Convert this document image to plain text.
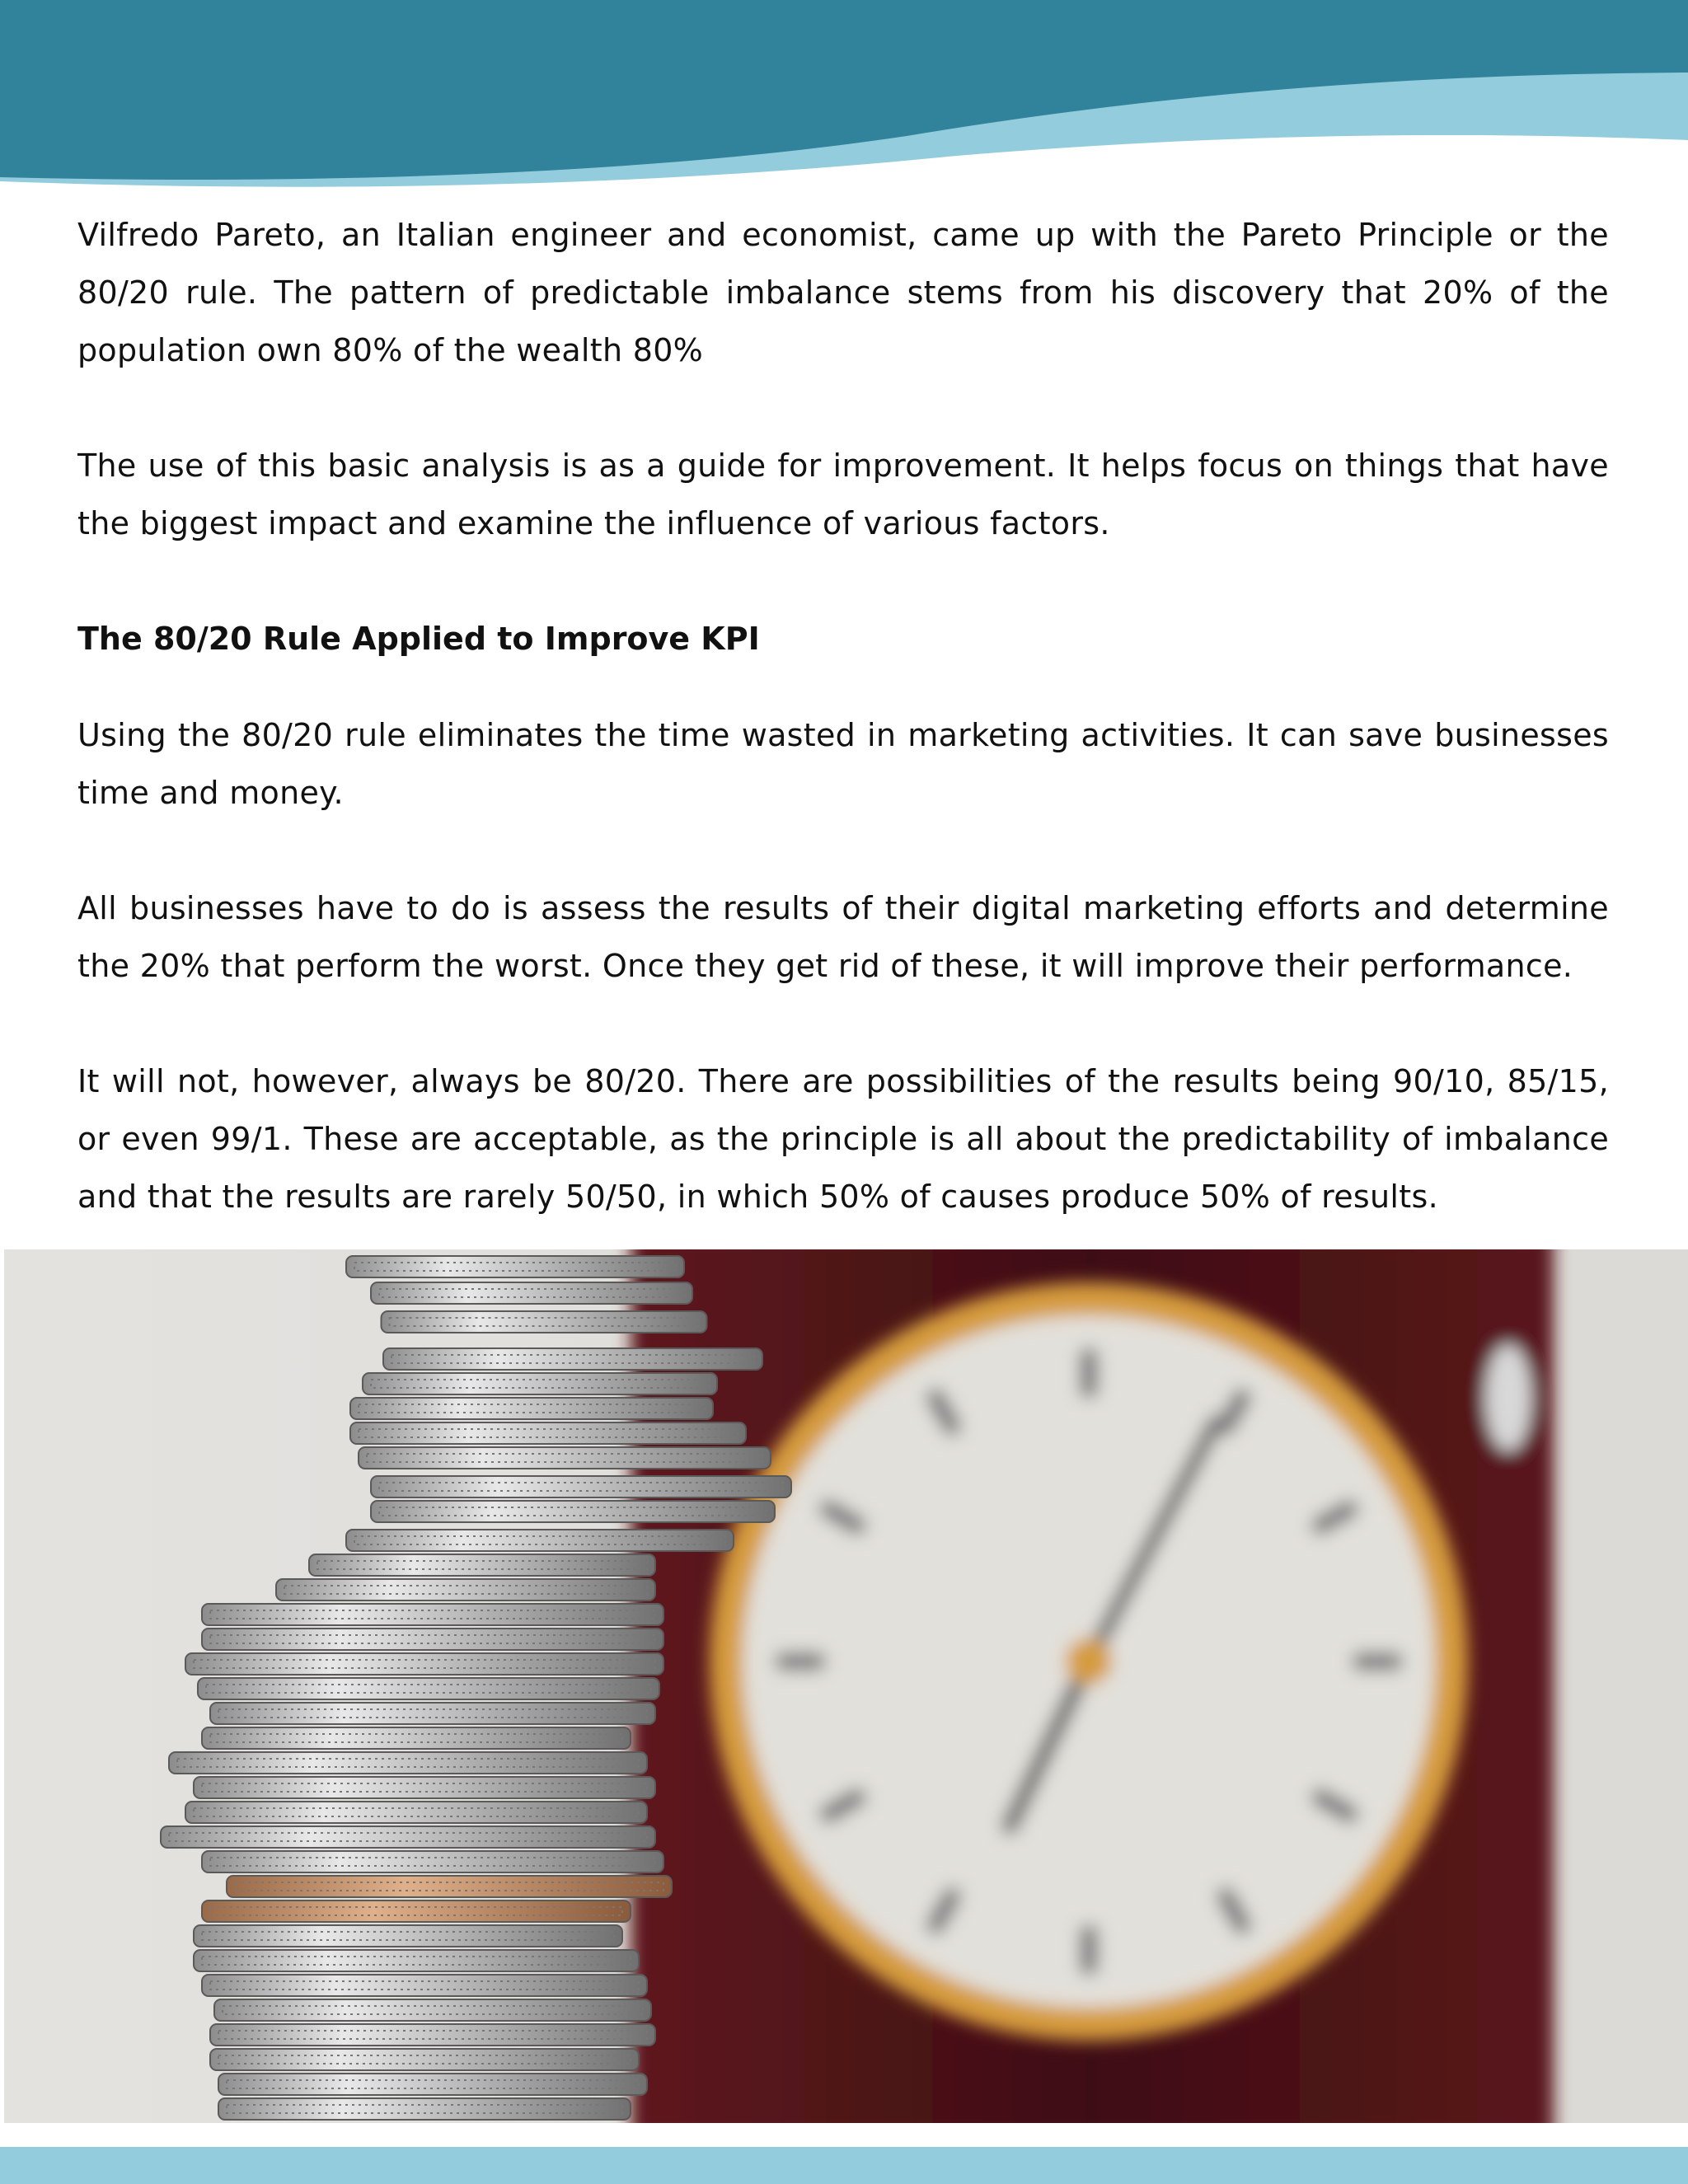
Vilfredo Pareto, an Italian engineer and economist, came up with the Pareto Principle or the 80/20 rule. The pattern of predictable imbalance stems from his discovery that 20% of the population own 80% of the wealth 80%

The use of this basic analysis is as a guide for improvement. It helps focus on things that have the biggest impact and examine the influence of various factors.

The 80/20 Rule Applied to Improve KPI

Using the 80/20 rule eliminates the time wasted in marketing activities. It can save businesses time and money.

All businesses have to do is assess the results of their digital marketing efforts and determine the 20% that perform the worst. Once they get rid of these, it will improve their performance.

It will not, however, always be 80/20. There are possibilities of the results being 90/10, 85/15, or even 99/1. These are acceptable, as the principle is all about the predictability of imbalance and that the results are rarely 50/50, in which 50% of causes produce 50% of results.
